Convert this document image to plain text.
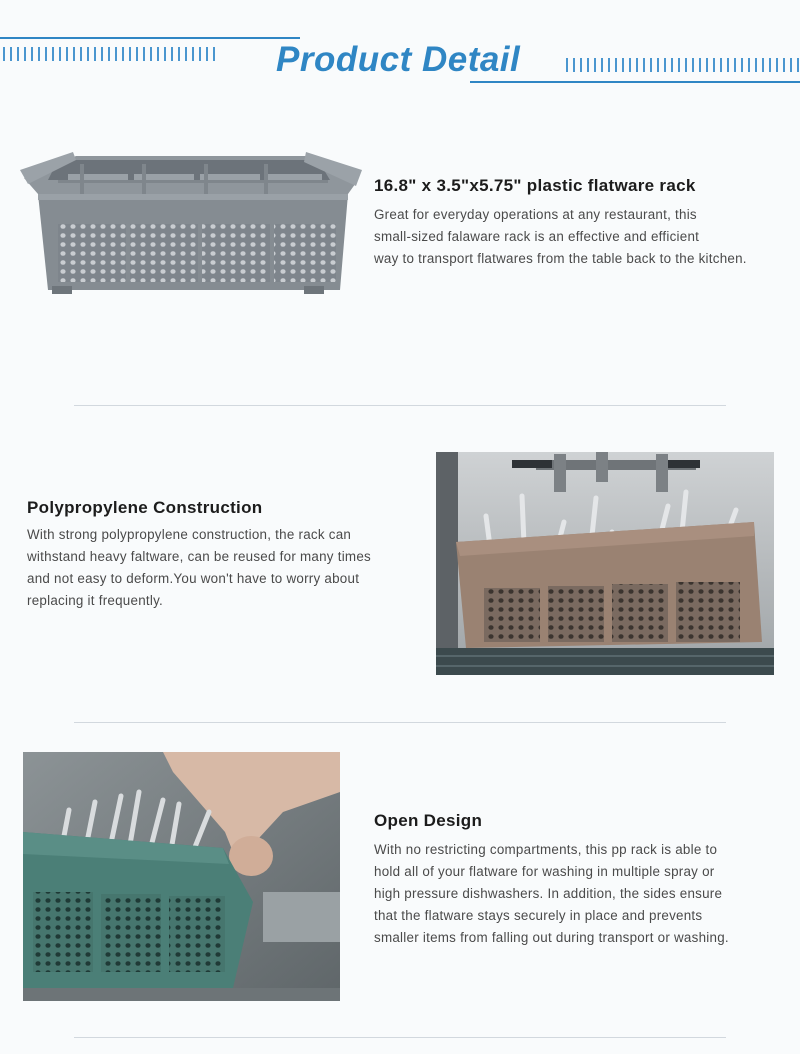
Product Detail
16.8" x 3.5"x5.75" plastic flatware rack
Great for everyday operations at any restaurant, this
small-sized falaware rack is an effective and efficient
way to transport flatwares from the table back to the kitchen.
Polypropylene Construction
With strong polypropylene construction, the rack can
withstand heavy faltware, can be reused for many times
and not easy to deform.You won't have to worry about
replacing it frequently.
Open Design
With no restricting compartments, this pp rack is able to
hold all of your flatware for washing in multiple spray or
high pressure dishwashers. In addition, the sides ensure
that the flatware stays securely in place and prevents
smaller items from falling out during transport or washing.
